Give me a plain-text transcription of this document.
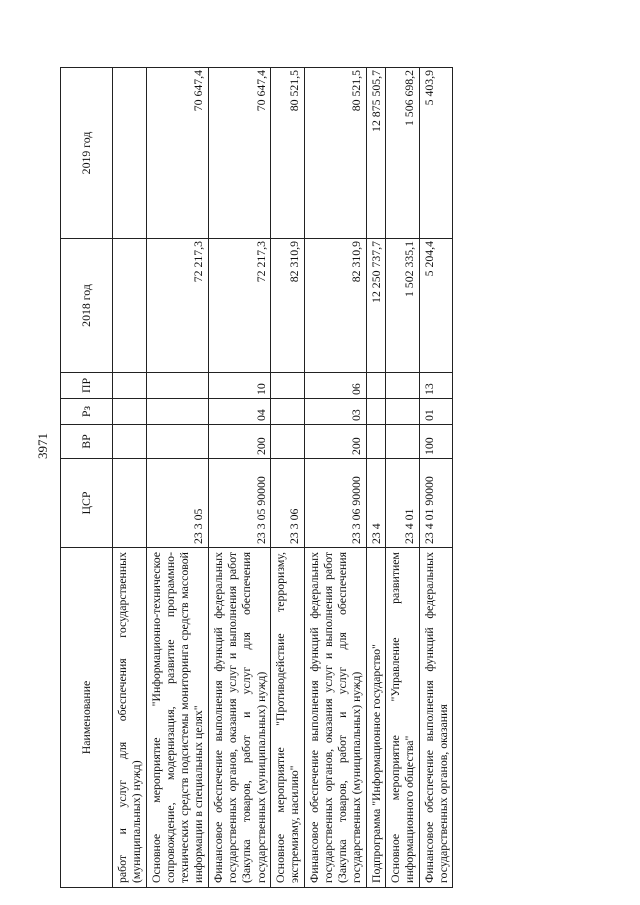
3971
Наименование	ЦСР	ВР	Рз	ПР	2018 год	2019 год
работ и услуг для обеспечения государственных (муниципальных) нужд)						
Основное мероприятие "Информационно-техническое сопровождение, модернизация, развитие программно-технических средств подсистемы мониторинга средств массовой информации в специальных целях"	23 3 05				72 217,3	70 647,4
Финансовое обеспечение выполнения функций федеральных государственных органов, оказания услуг и выполнения работ (Закупка товаров, работ и услуг для обеспечения государственных (муниципальных) нужд)	23 3 05 90000	200	04	10	72 217,3	70 647,4
Основное мероприятие "Противодействие терроризму, экстремизму, насилию"	23 3 06				82 310,9	80 521,5
Финансовое обеспечение выполнения функций федеральных государственных органов, оказания услуг и выполнения работ (Закупка товаров, работ и услуг для обеспечения государственных (муниципальных) нужд)	23 3 06 90000	200	03	06	82 310,9	80 521,5
Подпрограмма "Информационное государство"	23 4				12 250 737,7	12 875 505,7
Основное мероприятие "Управление развитием информационного общества"	23 4 01				1 502 335,1	1 506 698,2
Финансовое обеспечение выполнения функций федеральных государственных органов, оказания	23 4 01 90000	100	01	13	5 204,4	5 403,9
